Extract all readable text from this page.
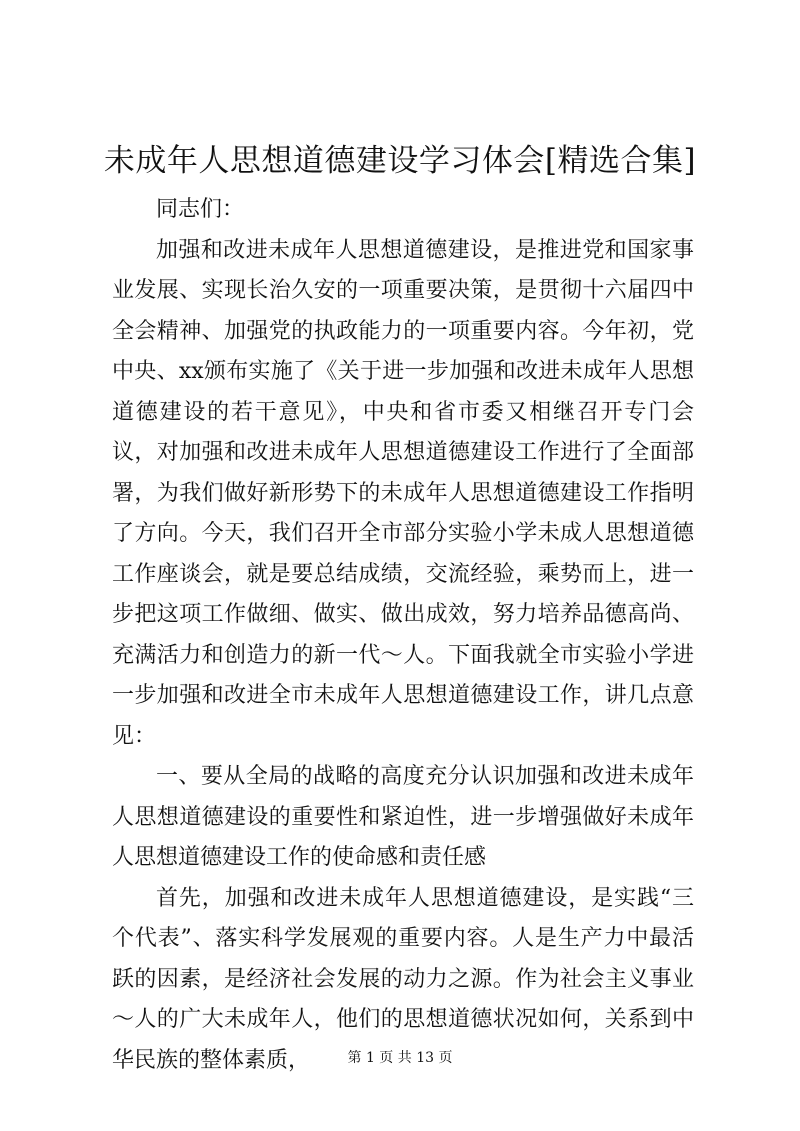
未成年人思想道德建设学习体会[精选合集]

同志们：

加强和改进未成年人思想道德建设，是推进党和国家事业发展、实现长治久安的一项重要决策，是贯彻十六届四中全会精神、加强党的执政能力的一项重要内容。今年初，党中央、xx颁布实施了《关于进一步加强和改进未成年人思想道德建设的若干意见》，中央和省市委又相继召开专门会议，对加强和改进未成年人思想道德建设工作进行了全面部署，为我们做好新形势下的未成年人思想道德建设工作指明了方向。今天，我们召开全市部分实验小学未成人思想道德工作座谈会，就是要总结成绩，交流经验，乘势而上，进一步把这项工作做细、做实、做出成效，努力培养品德高尚、充满活力和创造力的新一代～人。下面我就全市实验小学进一步加强和改进全市未成年人思想道德建设工作，讲几点意见：

一、要从全局的战略的高度充分认识加强和改进未成年人思想道德建设的重要性和紧迫性，进一步增强做好未成年人思想道德建设工作的使命感和责任感

首先，加强和改进未成年人思想道德建设，是实践“三个代表”、落实科学发展观的重要内容。人是生产力中最活跃的因素，是经济社会发展的动力之源。作为社会主义事业～人的广大未成年人，他们的思想道德状况如何，关系到中华民族的整体素质，	第 1 页 共 13 页
